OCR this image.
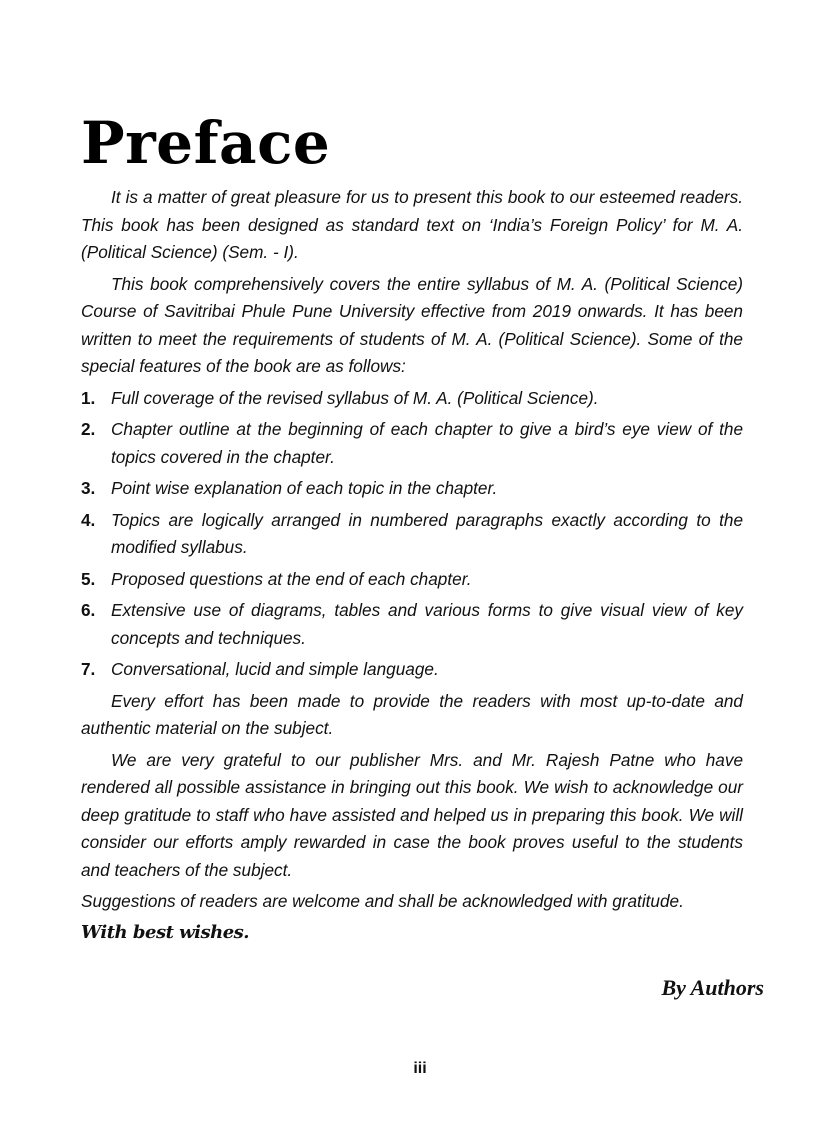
Preface

It is a matter of great pleasure for us to present this book to our esteemed readers. This book has been designed as standard text on ‘India’s Foreign Policy’ for M. A. (Political Science) (Sem. - I).

This book comprehensively covers the entire syllabus of M. A. (Political Science) Course of Savitribai Phule Pune University effective from 2019 onwards. It has been written to meet the requirements of students of M. A. (Political Science). Some of the special features of the book are as follows:

1. Full coverage of the revised syllabus of M. A. (Political Science).
2. Chapter outline at the beginning of each chapter to give a bird’s eye view of the topics covered in the chapter.
3. Point wise explanation of each topic in the chapter.
4. Topics are logically arranged in numbered paragraphs exactly according to the modified syllabus.
5. Proposed questions at the end of each chapter.
6. Extensive use of diagrams, tables and various forms to give visual view of key concepts and techniques.
7. Conversational, lucid and simple language.

Every effort has been made to provide the readers with most up-to-date and authentic material on the subject.

We are very grateful to our publisher Mrs. and Mr. Rajesh Patne who have rendered all possible assistance in bringing out this book. We wish to acknowledge our deep gratitude to staff who have assisted and helped us in preparing this book. We will consider our efforts amply rewarded in case the book proves useful to the students and teachers of the subject.

Suggestions of readers are welcome and shall be acknowledged with gratitude.

With best wishes.

By Authors
iii
